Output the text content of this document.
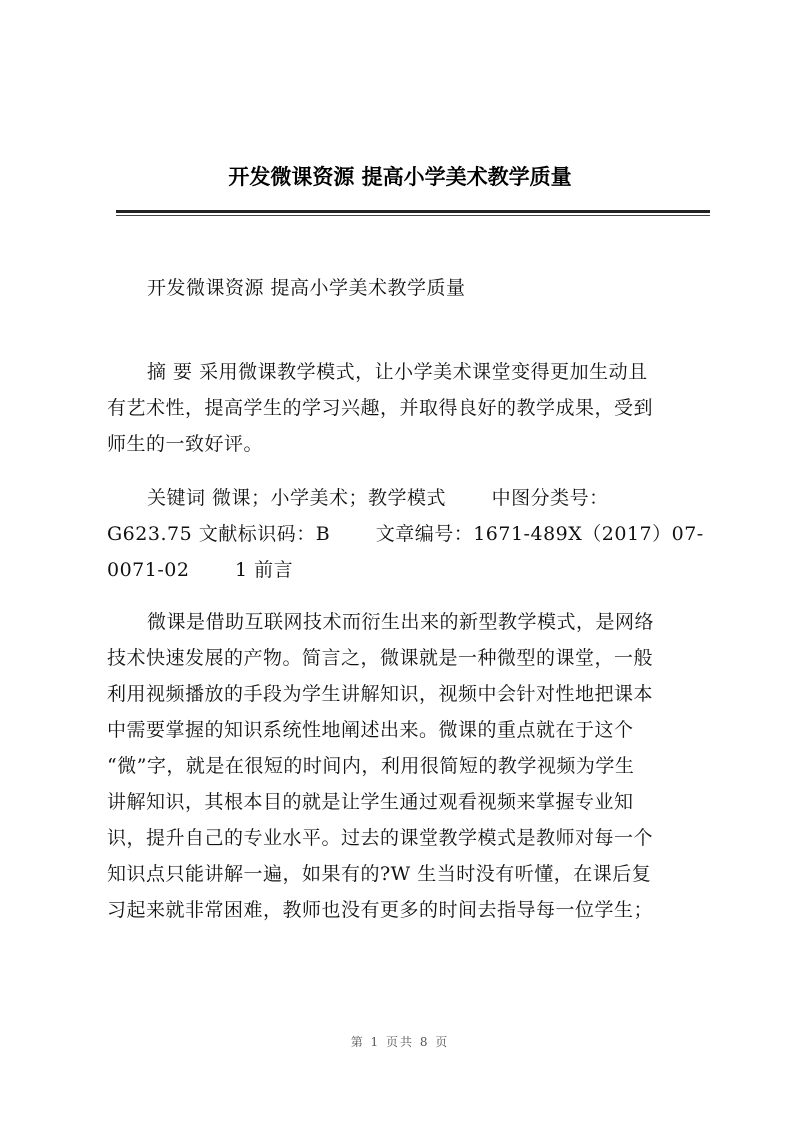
开发微课资源 提高小学美术教学质量
开发微课资源 提高小学美术教学质量
摘 要 采用微课教学模式，让小学美术课堂变得更加生动且
有艺术性，提高学生的学习兴趣，并取得良好的教学成果，受到
师生的一致好评。
关键词 微课；小学美术；教学模式　　 中图分类号：
G623.75 文献标识码：B　　 文章编号：1671-489X（2017）07-
0071-02　　 1 前言
微课是借助互联网技术而衍生出来的新型教学模式，是网络
技术快速发展的产物。简言之，微课就是一种微型的课堂，一般
利用视频播放的手段为学生讲解知识，视频中会针对性地把课本
中需要掌握的知识系统性地阐述出来。微课的重点就在于这个
“微”字，就是在很短的时间内，利用很简短的教学视频为学生
讲解知识，其根本目的就是让学生通过观看视频来掌握专业知
识，提升自己的专业水平。过去的课堂教学模式是教师对每一个
知识点只能讲解一遍，如果有的?W 生当时没有听懂，在课后复
习起来就非常困难，教师也没有更多的时间去指导每一位学生；
第 1 页共 8 页
